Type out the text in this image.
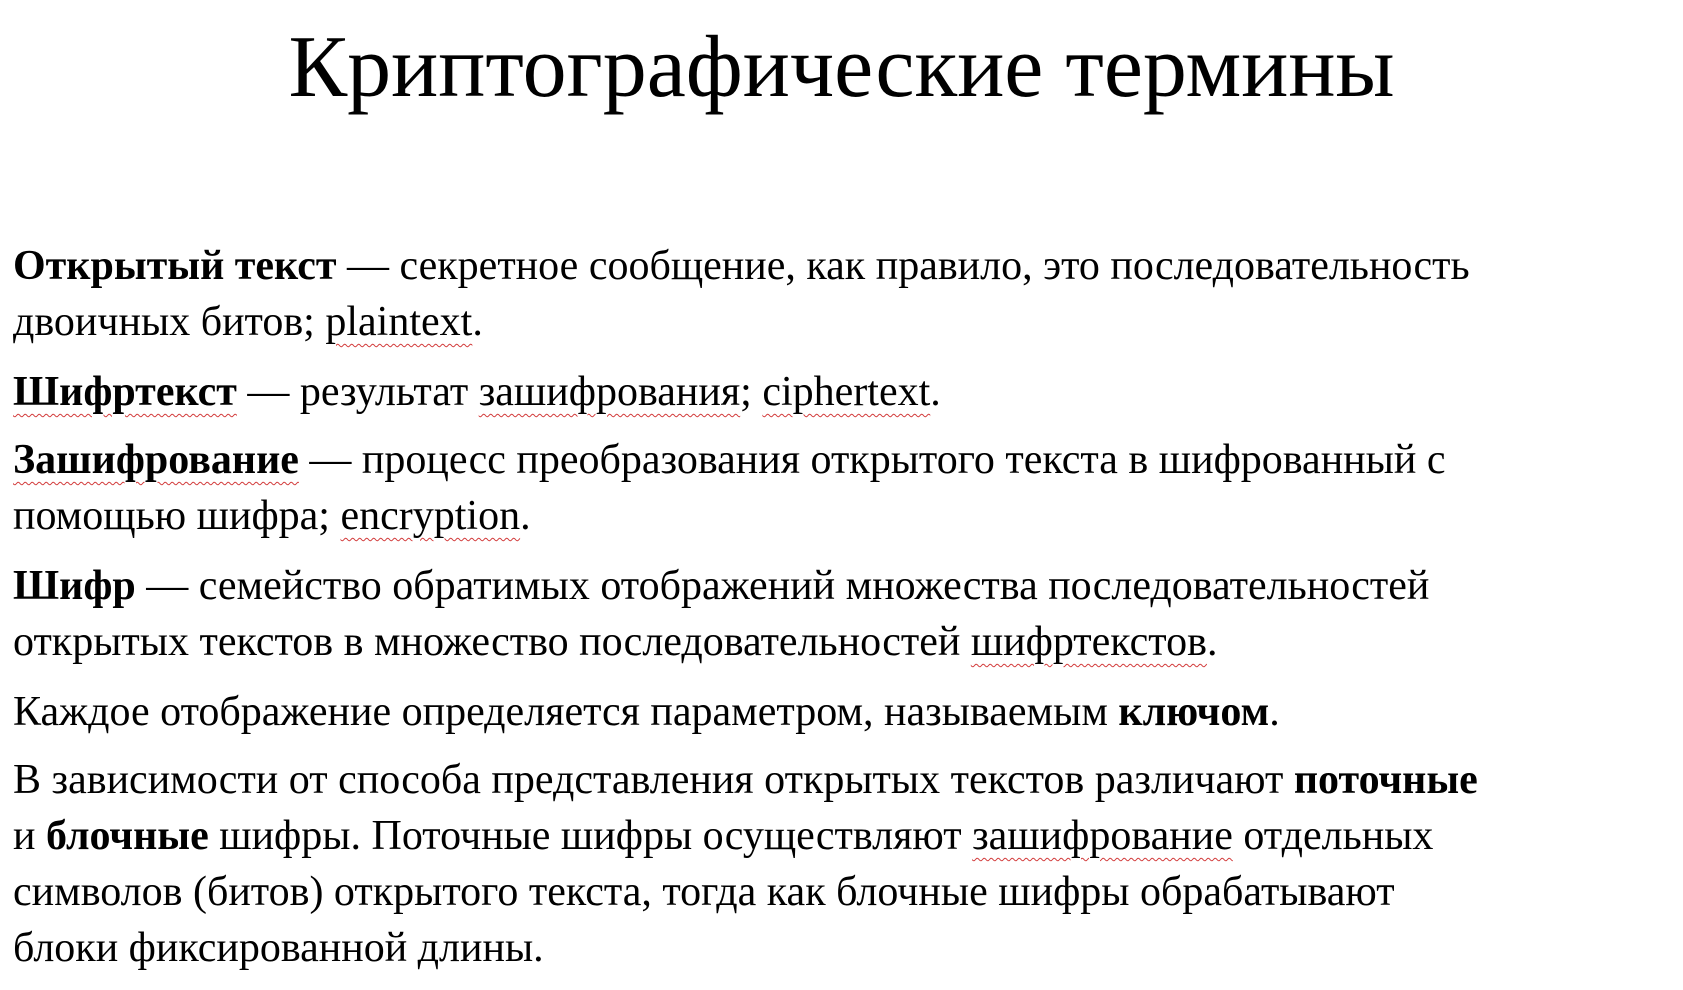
Криптографические термины

Открытый текст — секретное сообщение, как правило, это последовательность
двоичных битов; plaintext.

Шифртекст — результат зашифрования; ciphertext.

Зашифрование — процесс преобразования открытого текста в шифрованный с
помощью шифра; encryption.

Шифр — семейство обратимых отображений множества последовательностей
открытых текстов в множество последовательностей шифртекстов.

Каждое отображение определяется параметром, называемым ключом.

В зависимости от способа представления открытых текстов различают поточные
и блочные шифры. Поточные шифры осуществляют зашифрование отдельных
символов (битов) открытого текста, тогда как блочные шифры обрабатывают
блоки фиксированной длины.
